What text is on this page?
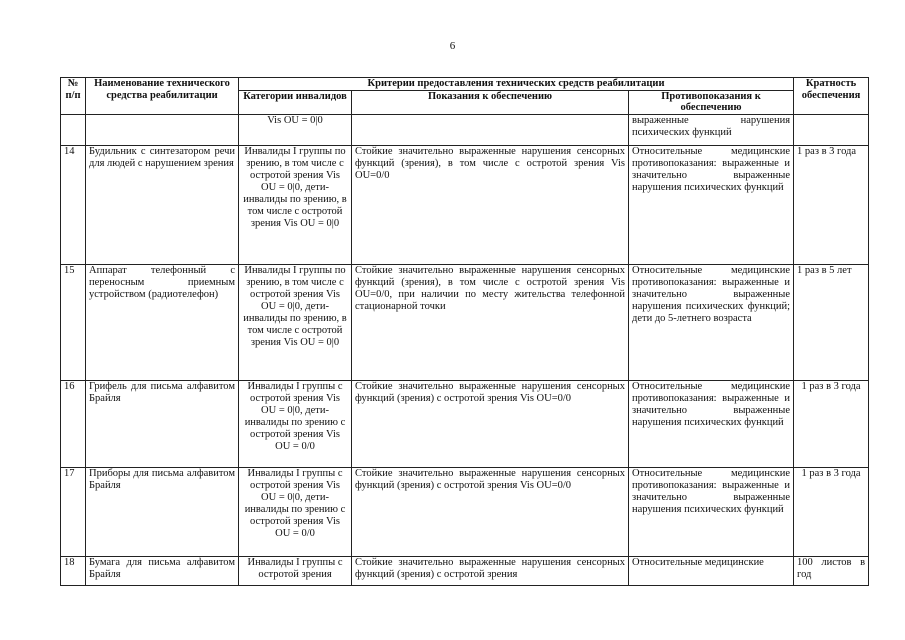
6
№ п/п	Наименование технического средства реабилитации	Критерии предоставления технических средств реабилитации			Кратность обеспечения
		Категории инвалидов	Показания к обеспечению	Противопоказания к обеспечению	
		Vis OU = 0|0		выраженные нарушения психических функций	
14	Будильник с синтезатором речи для людей с нарушением зрения	Инвалиды I группы по зрению, в том числе с остротой зрения Vis OU = 0|0, дети-инвалиды по зрению, в том числе с остротой зрения Vis OU = 0|0	Стойкие значительно выраженные нарушения сенсорных функций (зрения), в том числе с остротой зрения Vis OU=0/0	Относительные медицинские противопоказания: выраженные и значительно выраженные нарушения психических функций	1 раз в 3 года
15	Аппарат телефонный с переносным приемным устройством (радиотелефон)	Инвалиды I группы по зрению, в том числе с остротой зрения Vis OU = 0|0, дети-инвалиды по зрению, в том числе с остротой зрения Vis OU = 0|0	Стойкие значительно выраженные нарушения сенсорных функций (зрения), в том числе с остротой зрения Vis OU=0/0, при наличии по месту жительства телефонной стационарной точки	Относительные медицинские противопоказания: выраженные и значительно выраженные нарушения психических функций; дети до 5-летнего возраста	1 раз в 5 лет
16	Грифель для письма алфавитом Брайля	Инвалиды I группы с остротой зрения Vis OU = 0|0, дети-инвалиды по зрению с остротой зрения Vis OU = 0/0	Стойкие значительно выраженные нарушения сенсорных функций (зрения) с остротой зрения Vis OU=0/0	Относительные медицинские противопоказания: выраженные и значительно выраженные нарушения психических функций	1 раз в 3 года
17	Приборы для письма алфавитом Брайля	Инвалиды I группы с остротой зрения Vis OU = 0|0, дети-инвалиды по зрению с остротой зрения Vis OU = 0/0	Стойкие значительно выраженные нарушения сенсорных функций (зрения) с остротой зрения Vis OU=0/0	Относительные медицинские противопоказания: выраженные и значительно выраженные нарушения психических функций	1 раз в 3 года
18	Бумага для письма алфавитом Брайля	Инвалиды I группы с остротой зрения	Стойкие значительно выраженные нарушения сенсорных функций (зрения) с остротой зрения	Относительные медицинские	100 листов в год
